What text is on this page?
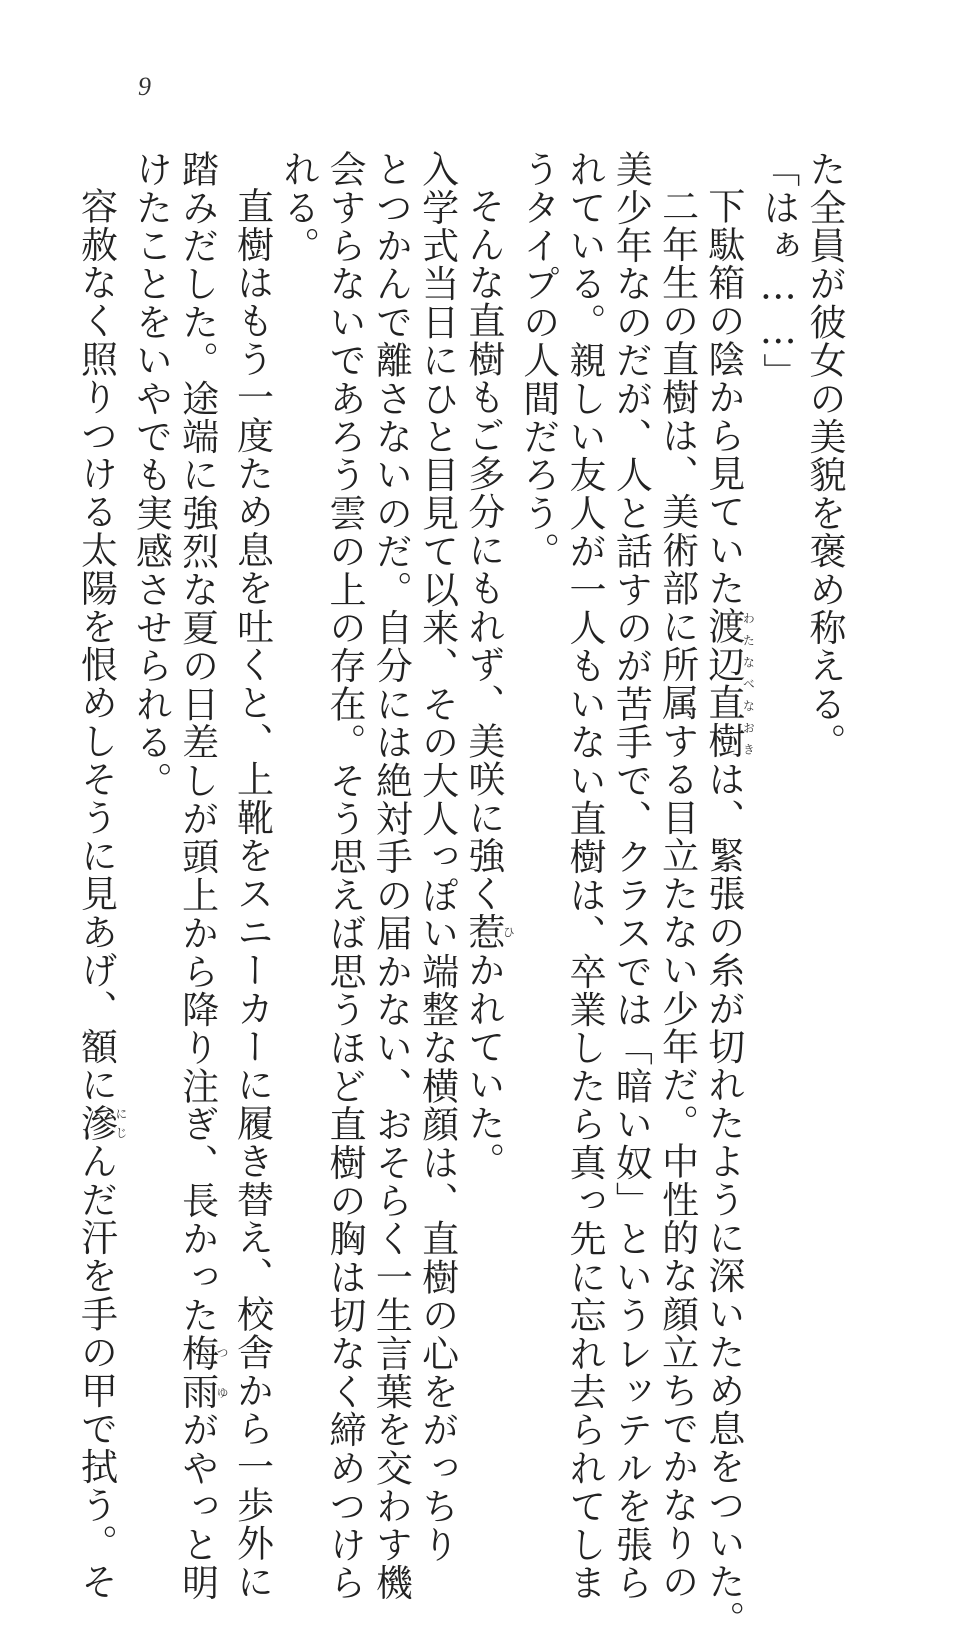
9
た全員が彼女の美貌を褒め称える。
「はぁ……」
下駄箱の陰から見ていた渡辺直樹わたなべなおきは、緊張の糸が切れたように深いため息をついた。
二年生の直樹は、美術部に所属する目立たない少年だ。中性的な顔立ちでかなりの
美少年なのだが、人と話すのが苦手で、クラスでは「暗い奴」というレッテルを張ら
れている。親しい友人が一人もいない直樹は、卒業したら真っ先に忘れ去られてしま
うタイプの人間だろう。
そんな直樹もご多分にもれず、美咲に強く惹ひかれていた。
入学式当日にひと目見て以来、その大人っぽい端整な横顔は、直樹の心をがっちり
とつかんで離さないのだ。自分には絶対手の届かない、おそらく一生言葉を交わす機
会すらないであろう雲の上の存在。そう思えば思うほど直樹の胸は切なく締めつけら
れる。
直樹はもう一度ため息を吐くと、上靴をスニーカーに履き替え、校舎から一歩外に
踏みだした。途端に強烈な夏の日差しが頭上から降り注ぎ、長かった梅雨つゆがやっと明
けたことをいやでも実感させられる。
容赦なく照りつける太陽を恨めしそうに見あげ、額に滲にじんだ汗を手の甲で拭う。そ
